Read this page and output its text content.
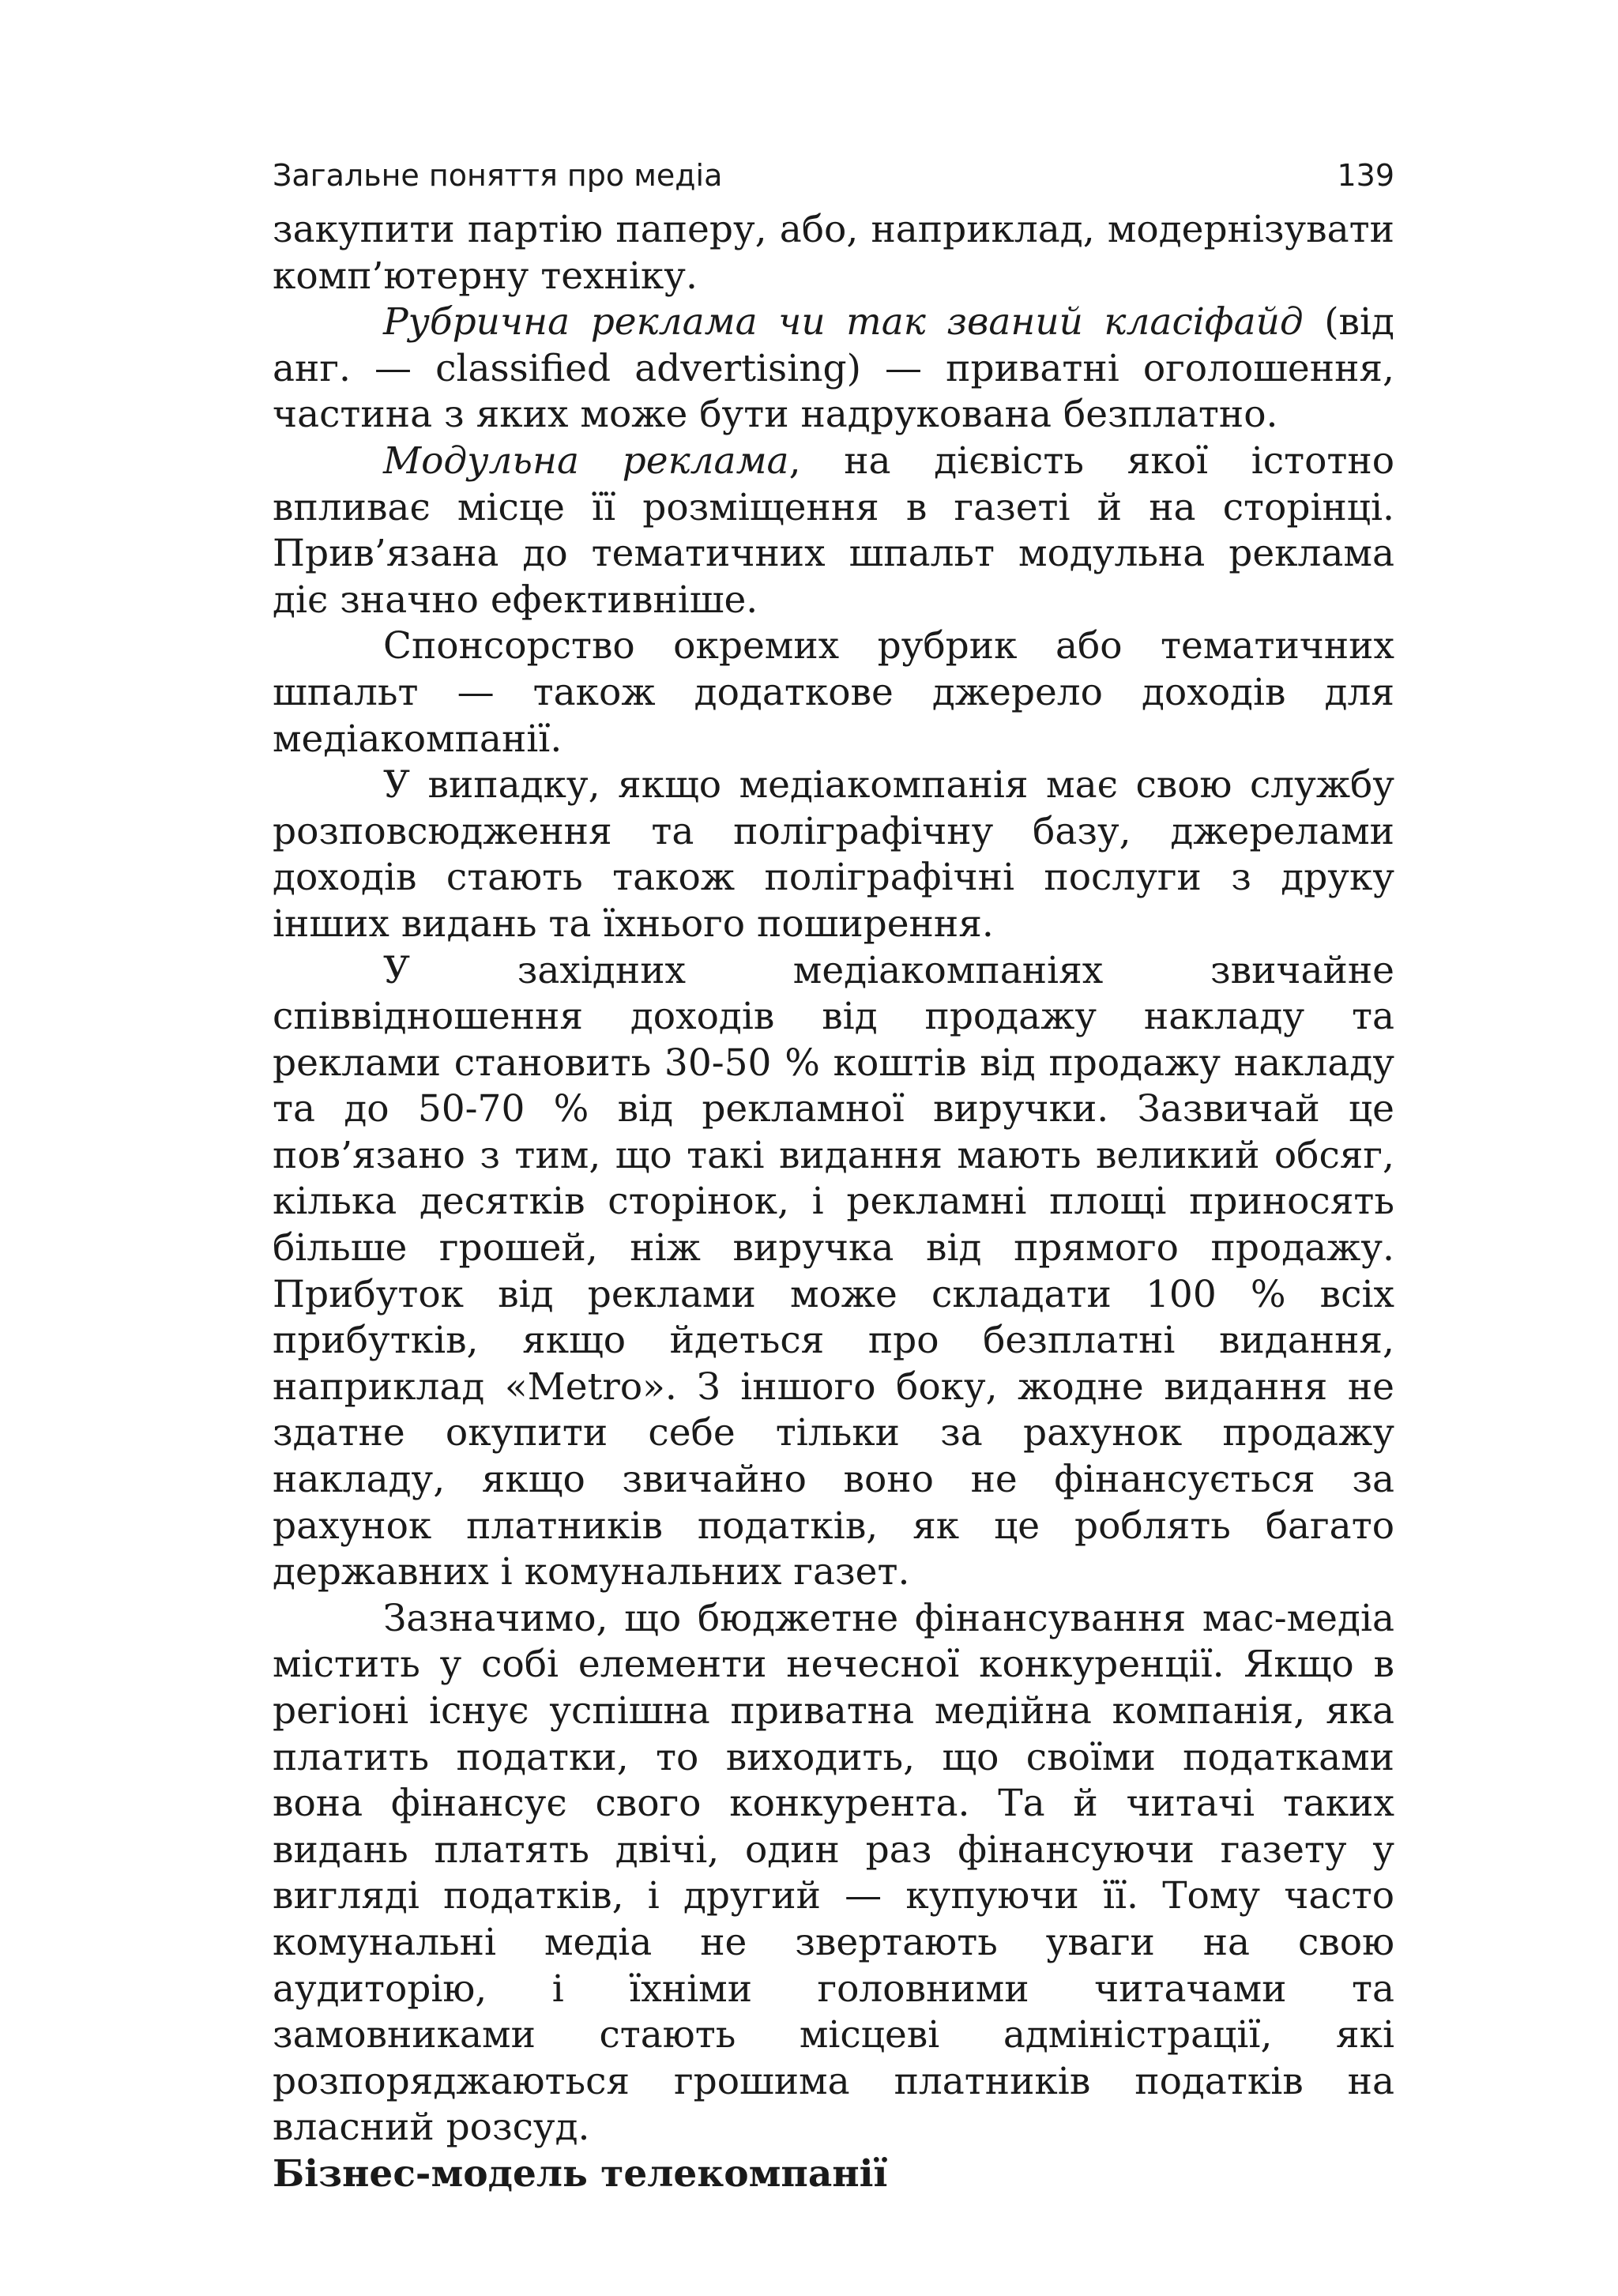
Загальне поняття про медіа	139

закупити партію паперу, або, наприклад, модернізувати комп’ютерну техніку.

Рубрична реклама чи так званий класіфайд (від анг. — classified advertising) — приватні оголошення, частина з яких може бути надрукована безплатно.

Модульна реклама, на дієвість якої істотно впливає місце її розміщення в газеті й на сторінці. Прив’язана до тематичних шпальт модульна реклама діє значно ефективніше.

Спонсорство окремих рубрик або тематичних шпальт — також додаткове джерело доходів для медіакомпанії.

У випадку, якщо медіакомпанія має свою службу розповсюдження та поліграфічну базу, джерелами доходів стають також поліграфічні послуги з друку інших видань та їхнього поширення.

У західних медіакомпаніях звичайне співвідношення доходів від продажу накладу та реклами становить 30-50 % коштів від продажу накладу та до 50-70 % від рекламної виручки. Зазвичай це пов’язано з тим, що такі видання мають великий обсяг, кілька десятків сторінок, і рекламні площі приносять більше грошей, ніж виручка від прямого продажу. Прибуток від реклами може складати 100 % всіх прибутків, якщо йдеться про безплатні видання, наприклад «Metro». З іншого боку, жодне видання не здатне окупити себе тільки за рахунок продажу накладу, якщо звичайно воно не фінансується за рахунок платників податків, як це роблять багато державних і комунальних газет.

Зазначимо, що бюджетне фінансування мас-медіа містить у собі елементи нечесної конкуренції. Якщо в регіоні існує успішна приватна медійна компанія, яка платить податки, то виходить, що своїми податками вона фінансує свого конкурента. Та й читачі таких видань платять двічі, один раз фінансуючи газету у вигляді податків, і другий — купуючи її. Тому часто комунальні медіа не звертають уваги на свою аудиторію, і їхніми головними читачами та замовниками стають місцеві адміністрації, які розпоряджаються грошима платників податків на власний розсуд.

Бізнес-модель телекомпанії
